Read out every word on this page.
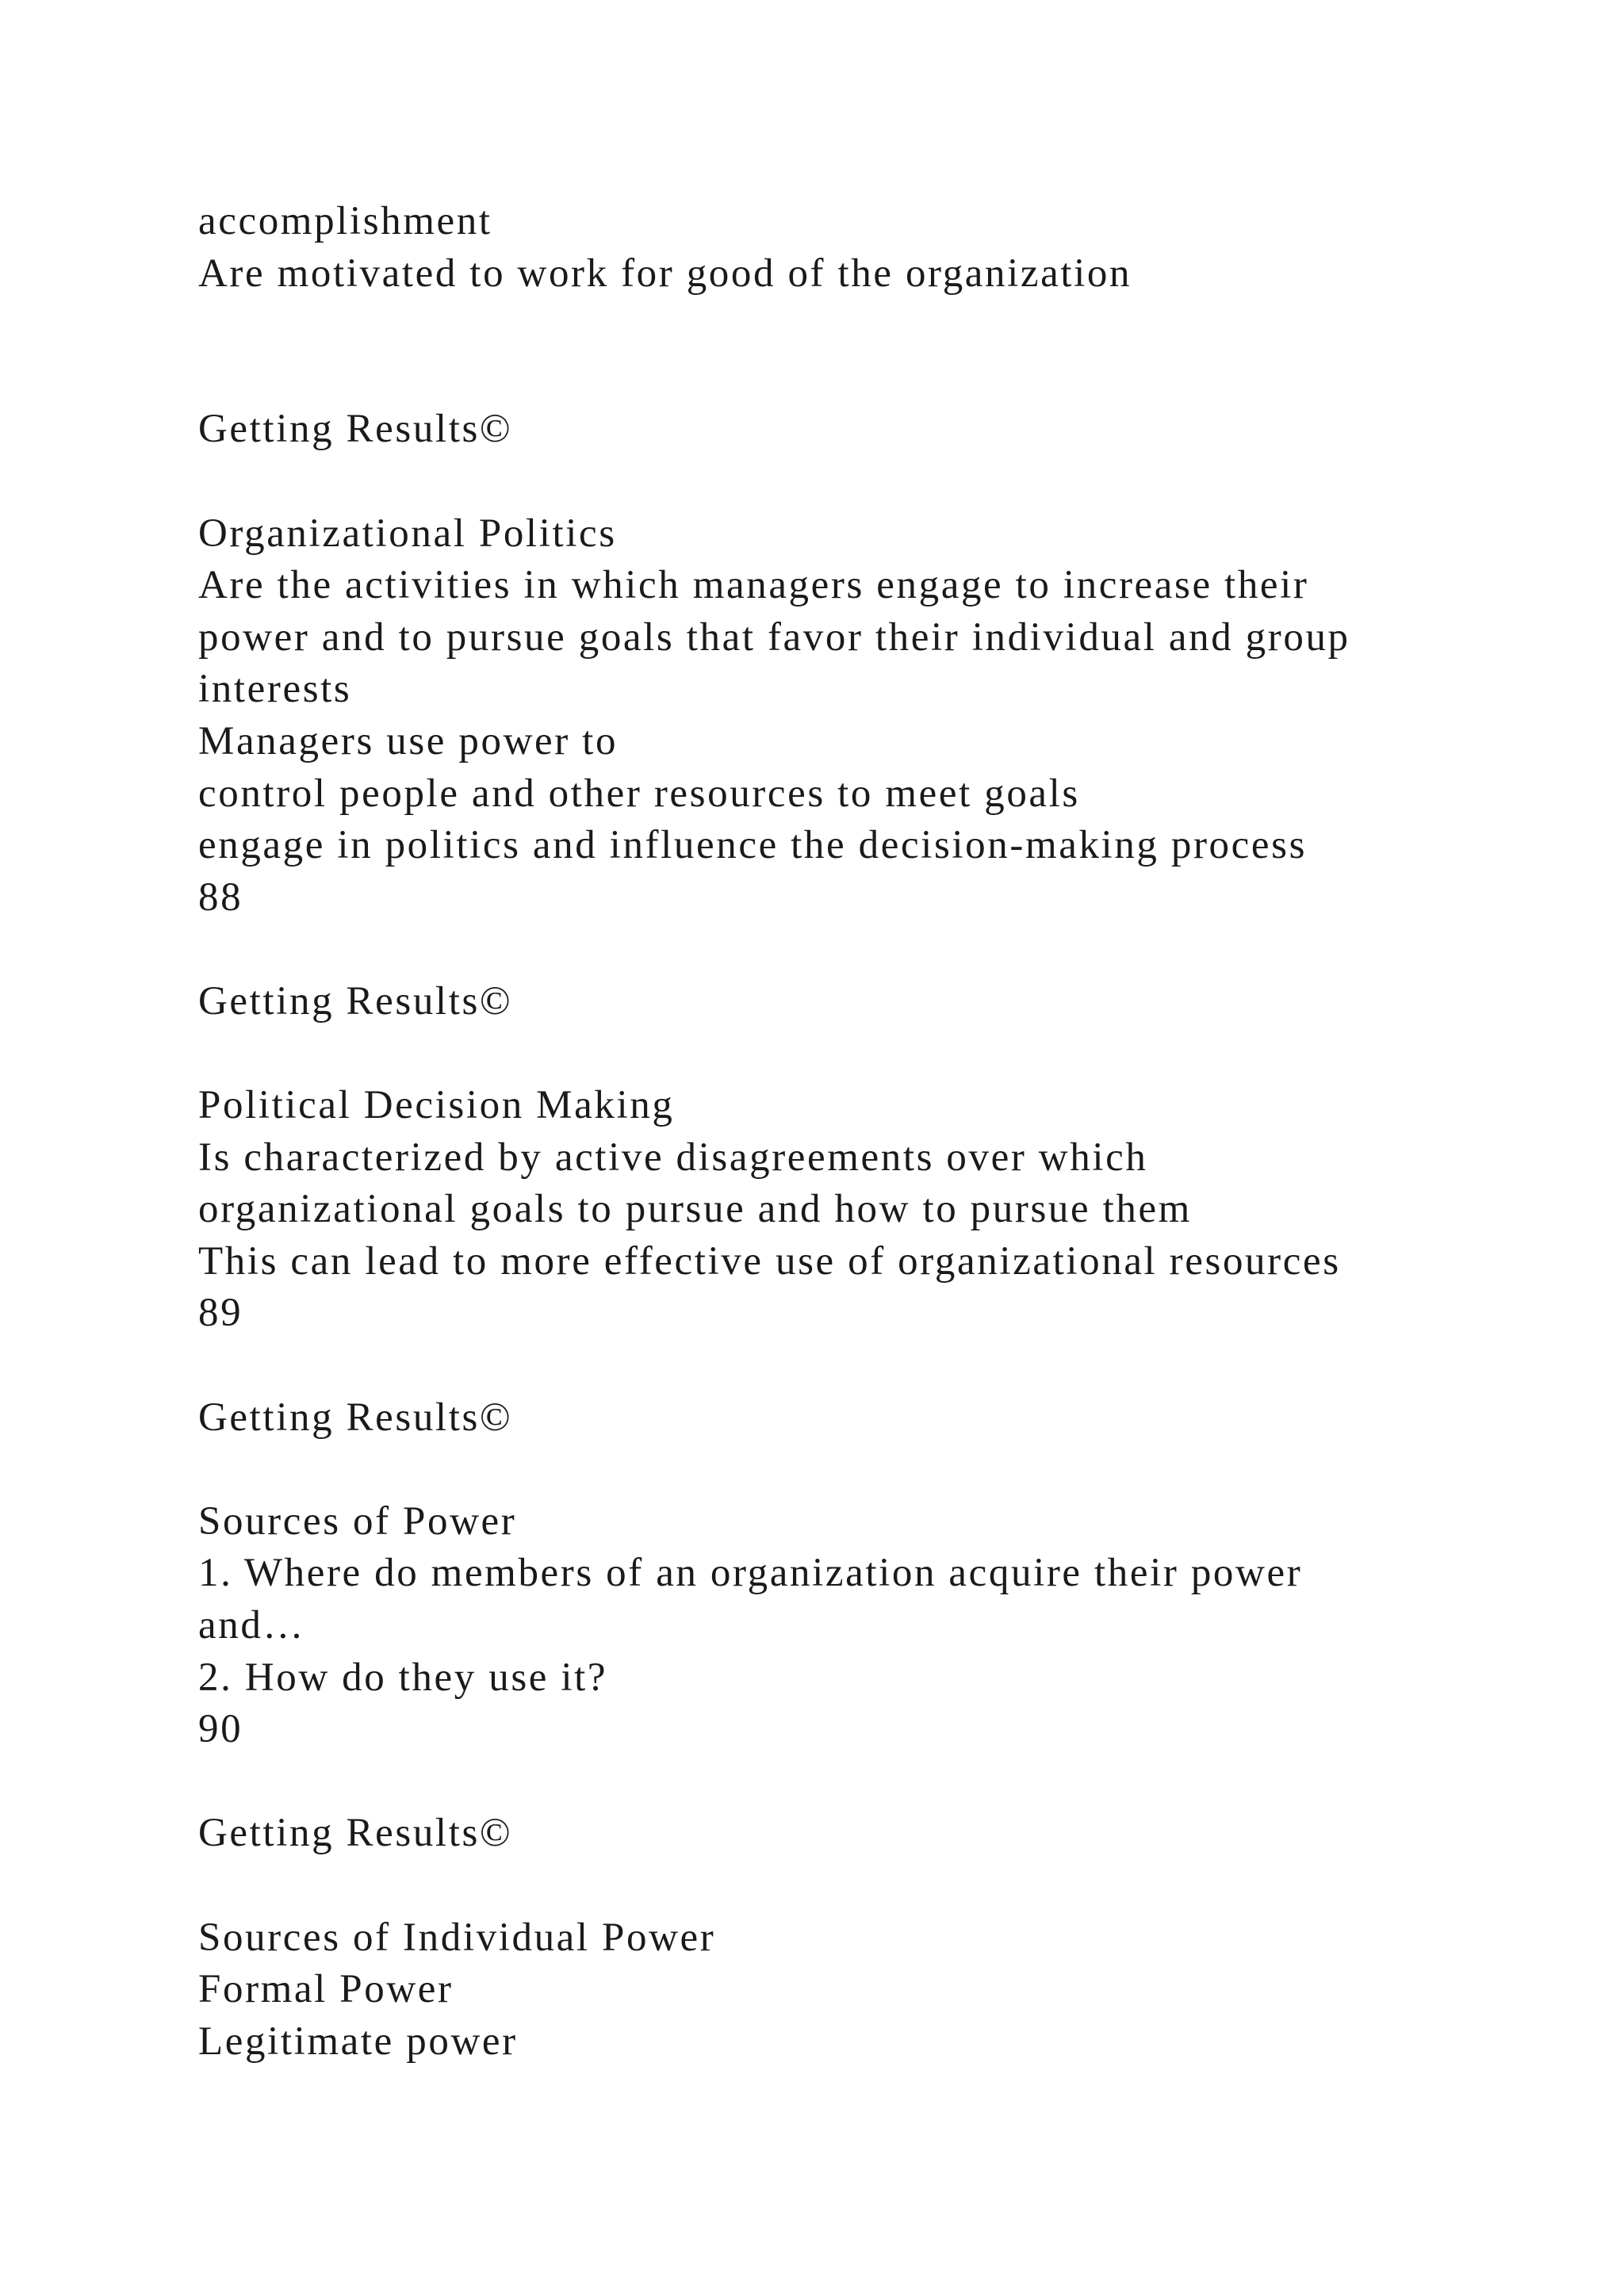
accomplishment
Are motivated to work for good of the organization
Getting Results©
Organizational Politics
Are the activities in which managers engage to increase their
power and to pursue goals that favor their individual and group
interests
Managers use power to
control people and other resources to meet goals
engage in politics and influence the decision-making process
88
Getting Results©
Political Decision Making
Is characterized by active disagreements over which
organizational goals to pursue and how to pursue them
This can lead to more effective use of organizational resources
89
Getting Results©
Sources of Power
1. Where do members of an organization acquire their power
and…
2. How do they use it?
90
Getting Results©
Sources of Individual Power
Formal Power
Legitimate power
